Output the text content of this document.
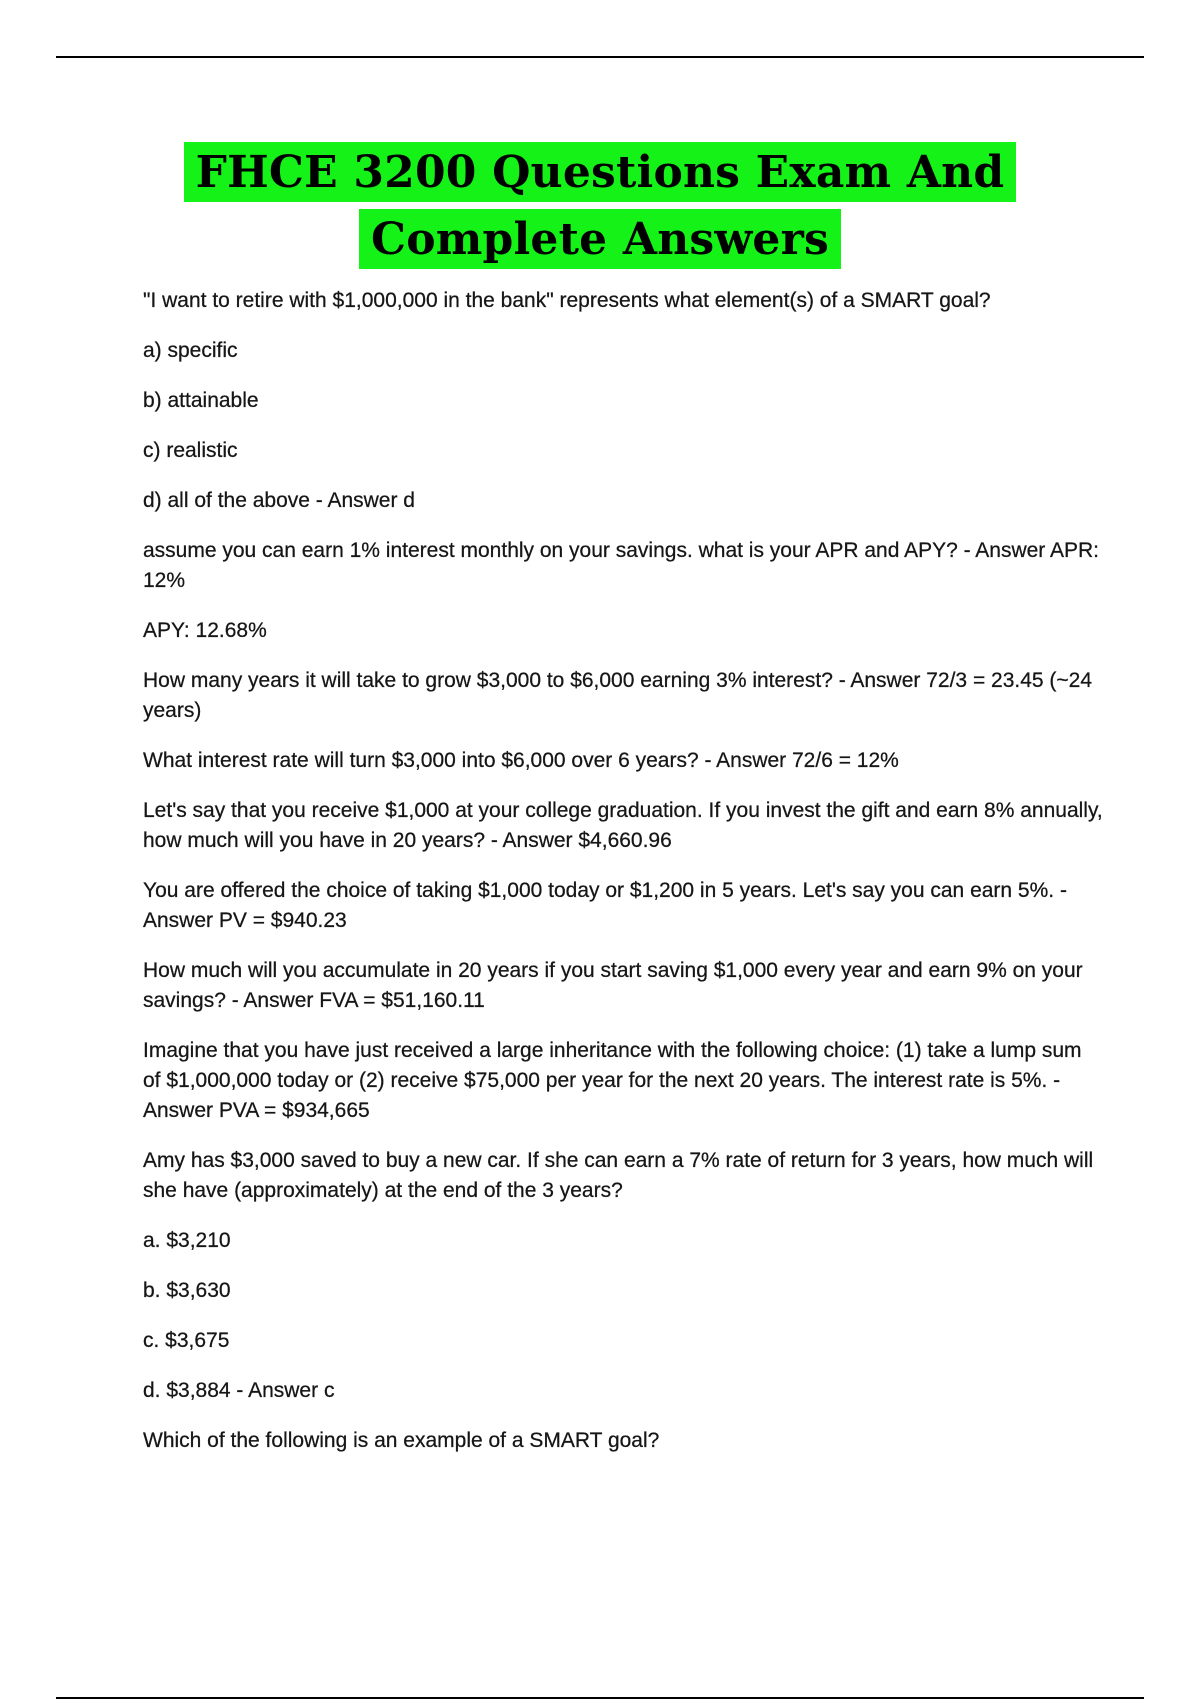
FHCE 3200 Questions Exam And
Complete Answers

"I want to retire with $1,000,000 in the bank" represents what element(s) of a SMART goal?

a) specific

b) attainable

c) realistic

d) all of the above - Answer d

assume you can earn 1% interest monthly on your savings. what is your APR and APY? - Answer APR: 12%

APY: 12.68%

How many years it will take to grow $3,000 to $6,000 earning 3% interest? - Answer 72/3 = 23.45 (~24 years)

What interest rate will turn $3,000 into $6,000 over 6 years? - Answer 72/6 = 12%

Let's say that you receive $1,000 at your college graduation. If you invest the gift and earn 8% annually, how much will you have in 20 years? - Answer $4,660.96

You are offered the choice of taking $1,000 today or $1,200 in 5 years. Let's say you can earn 5%. - Answer PV = $940.23

How much will you accumulate in 20 years if you start saving $1,000 every year and earn 9% on your savings? - Answer FVA = $51,160.11

Imagine that you have just received a large inheritance with the following choice: (1) take a lump sum of $1,000,000 today or (2) receive $75,000 per year for the next 20 years. The interest rate is 5%. - Answer PVA = $934,665

Amy has $3,000 saved to buy a new car. If she can earn a 7% rate of return for 3 years, how much will she have (approximately) at the end of the 3 years?

a. $3,210

b. $3,630

c. $3,675

d. $3,884 - Answer c

Which of the following is an example of a SMART goal?
